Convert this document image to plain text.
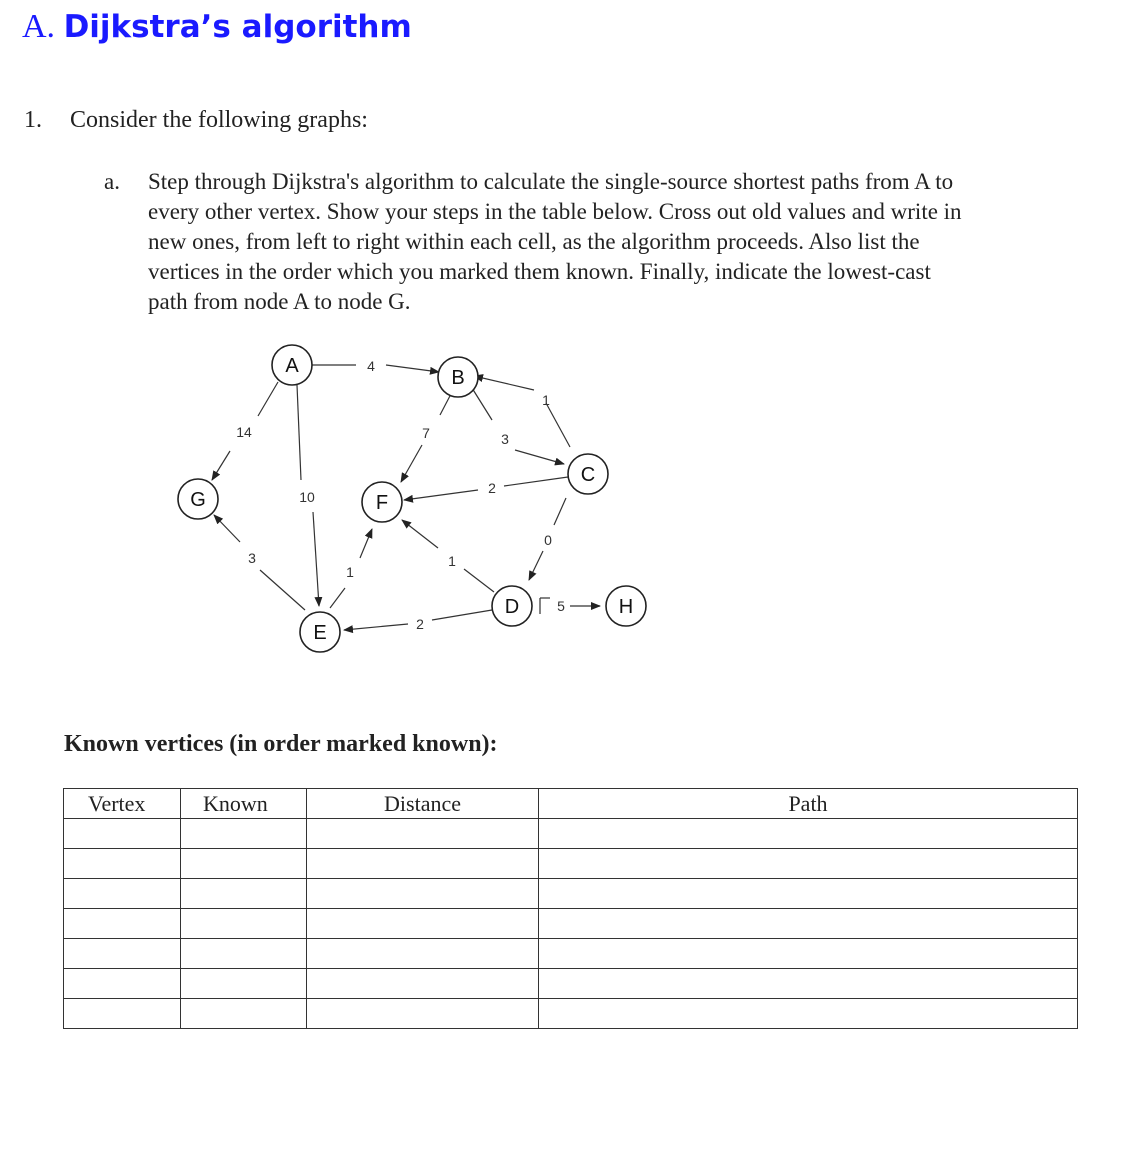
A. Dijkstra’s algorithm
1. Consider the following graphs:
a. Step through Dijkstra's algorithm to calculate the single-source shortest paths from A to
every other vertex. Show your steps in the table below. Cross out old values and write in
new ones, from left to right within each cell, as the algorithm proceeds. Also list the
vertices in the order which you marked them known. Finally, indicate the lowest-cast
path from node A to node G.
4
1
14	7	3
2
10
3
1
1
0
2
5
A
B
C
D
E
F
G
H
Known vertices (in order marked known):
Vertex	Known	Distance	Path
